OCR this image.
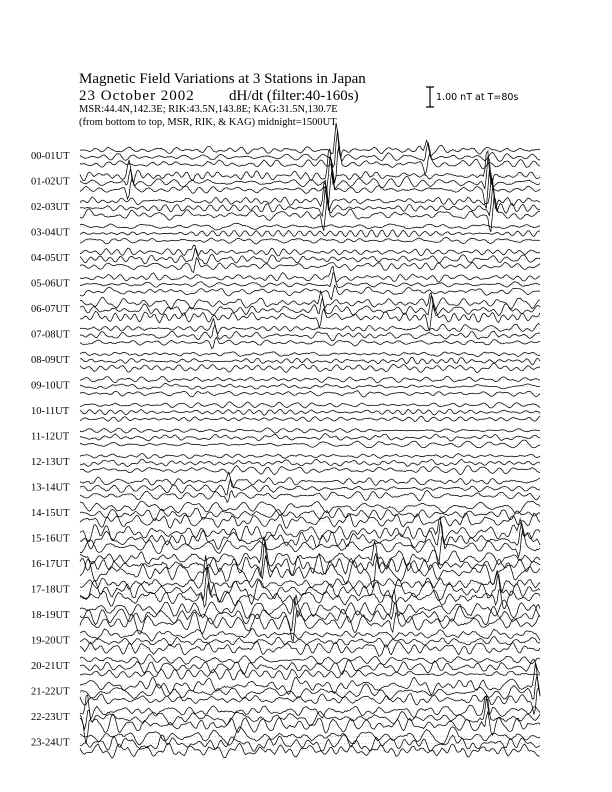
Magnetic Field Variations at 3 Stations in Japan
23 October 2002 dH/dt (filter:40-160s)
MSR:44.4N,142.3E; RIK:43.5N,143.8E; KAG:31.5N,130.7E
(from bottom to top, MSR, RIK, & KAG) midnight=1500UT
1.00 nT at T=80s
00-01UT
01-02UT
02-03UT
03-04UT
04-05UT
05-06UT
06-07UT
07-08UT
08-09UT
09-10UT
10-11UT
11-12UT
12-13UT
13-14UT
14-15UT
15-16UT
16-17UT
17-18UT
18-19UT
19-20UT
20-21UT
21-22UT
22-23UT
23-24UT
